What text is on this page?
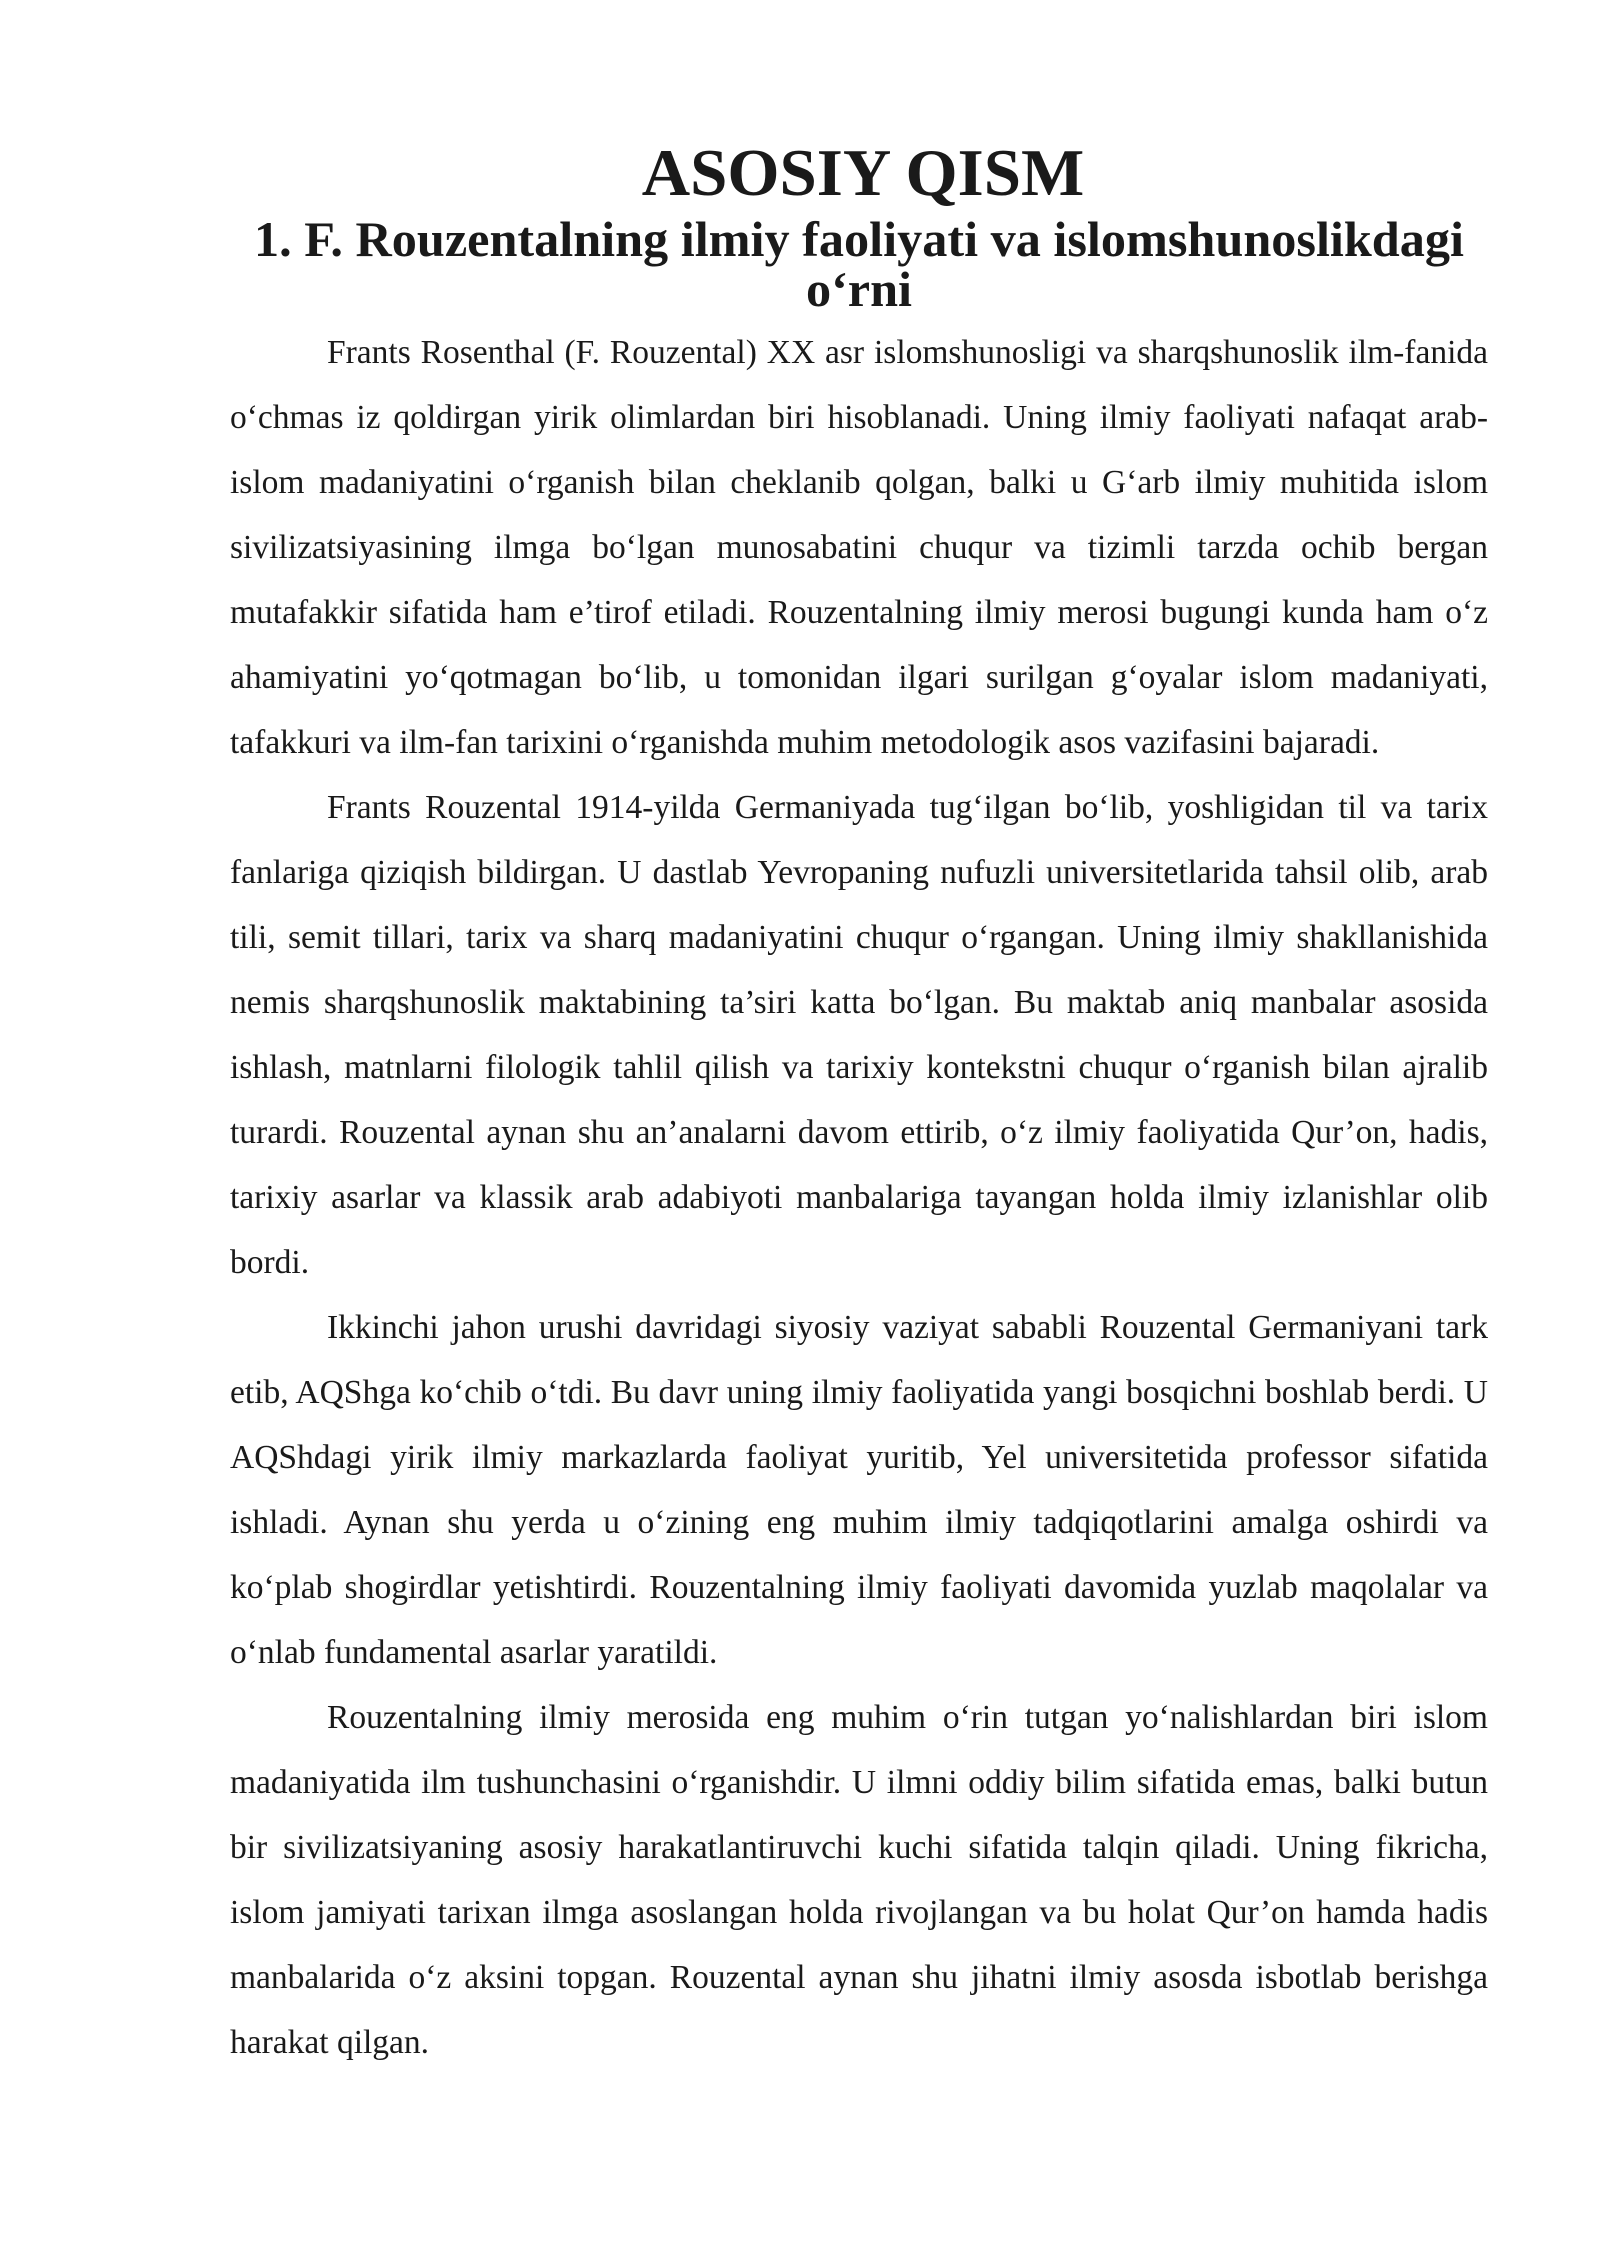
ASOSIY QISM
1. F. Rouzentalning ilmiy faoliyati va islomshunoslikdagi o‘rni

Frants Rosenthal (F. Rouzental) XX asr islomshunosligi va sharqshunoslik ilm-fanida o‘chmas iz qoldirgan yirik olimlardan biri hisoblanadi. Uning ilmiy faoliyati nafaqat arab-islom madaniyatini o‘rganish bilan cheklanib qolgan, balki u G‘arb ilmiy muhitida islom sivilizatsiyasining ilmga bo‘lgan munosabatini chuqur va tizimli tarzda ochib bergan mutafakkir sifatida ham e’tirof etiladi. Rouzentalning ilmiy merosi bugungi kunda ham o‘z ahamiyatini yo‘qotmagan bo‘lib, u tomonidan ilgari surilgan g‘oyalar islom madaniyati, tafakkuri va ilm-fan tarixini o‘rganishda muhim metodologik asos vazifasini bajaradi.

Frants Rouzental 1914-yilda Germaniyada tug‘ilgan bo‘lib, yoshligidan til va tarix fanlariga qiziqish bildirgan. U dastlab Yevropaning nufuzli universitetlarida tahsil olib, arab tili, semit tillari, tarix va sharq madaniyatini chuqur o‘rgangan. Uning ilmiy shakllanishida nemis sharqshunoslik maktabining ta’siri katta bo‘lgan. Bu maktab aniq manbalar asosida ishlash, matnlarni filologik tahlil qilish va tarixiy kontekstni chuqur o‘rganish bilan ajralib turardi. Rouzental aynan shu an’analarni davom ettirib, o‘z ilmiy faoliyatida Qur’on, hadis, tarixiy asarlar va klassik arab adabiyoti manbalariga tayangan holda ilmiy izlanishlar olib bordi.

Ikkinchi jahon urushi davridagi siyosiy vaziyat sababli Rouzental Germaniyani tark etib, AQShga ko‘chib o‘tdi. Bu davr uning ilmiy faoliyatida yangi bosqichni boshlab berdi. U AQShdagi yirik ilmiy markazlarda faoliyat yuritib, Yel universitetida professor sifatida ishladi. Aynan shu yerda u o‘zining eng muhim ilmiy tadqiqotlarini amalga oshirdi va ko‘plab shogirdlar yetishtirdi. Rouzentalning ilmiy faoliyati davomida yuzlab maqolalar va o‘nlab fundamental asarlar yaratildi.

Rouzentalning ilmiy merosida eng muhim o‘rin tutgan yo‘nalishlardan biri islom madaniyatida ilm tushunchasini o‘rganishdir. U ilmni oddiy bilim sifatida emas, balki butun bir sivilizatsiyaning asosiy harakatlantiruvchi kuchi sifatida talqin qiladi. Uning fikricha, islom jamiyati tarixan ilmga asoslangan holda rivojlangan va bu holat Qur’on hamda hadis manbalarida o‘z aksini topgan. Rouzental aynan shu jihatni ilmiy asosda isbotlab berishga harakat qilgan.
